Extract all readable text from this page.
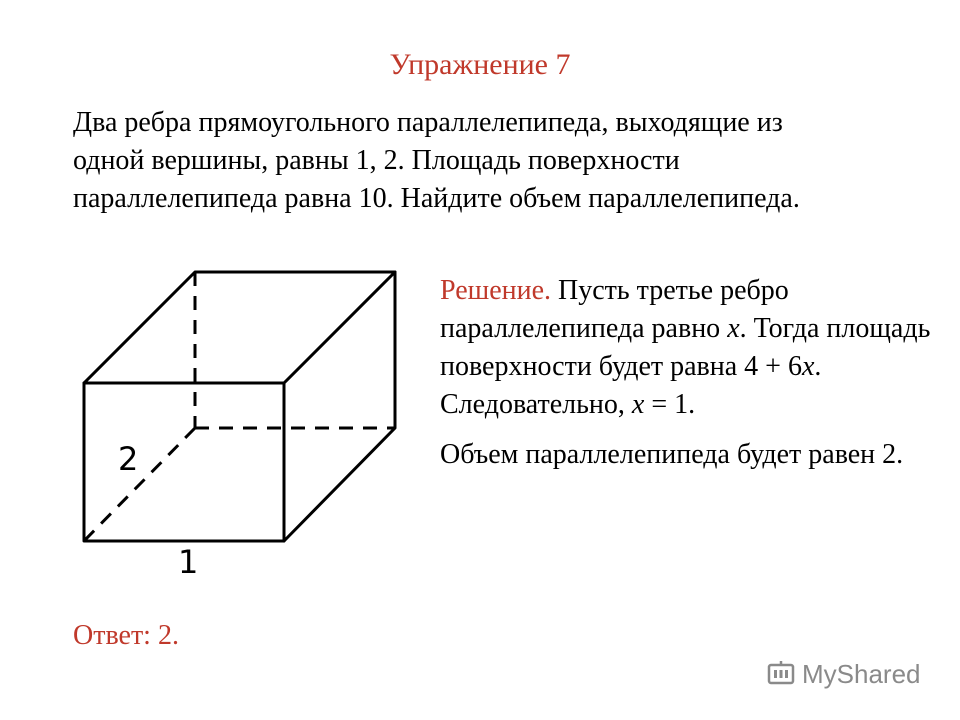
Упражнение 7
Два ребра прямоугольного параллелепипеда, выходящие из
одной вершины, равны 1, 2. Площадь поверхности
параллелепипеда равна 10. Найдите объем параллелепипеда.
2
1

Решение. Пусть третье ребро параллелепипеда равно x. Тогда площадь поверхности будет равна 4 + 6x. Следовательно, x = 1.

Объем параллелепипеда будет равен 2.

Ответ: 2.
MyShared
